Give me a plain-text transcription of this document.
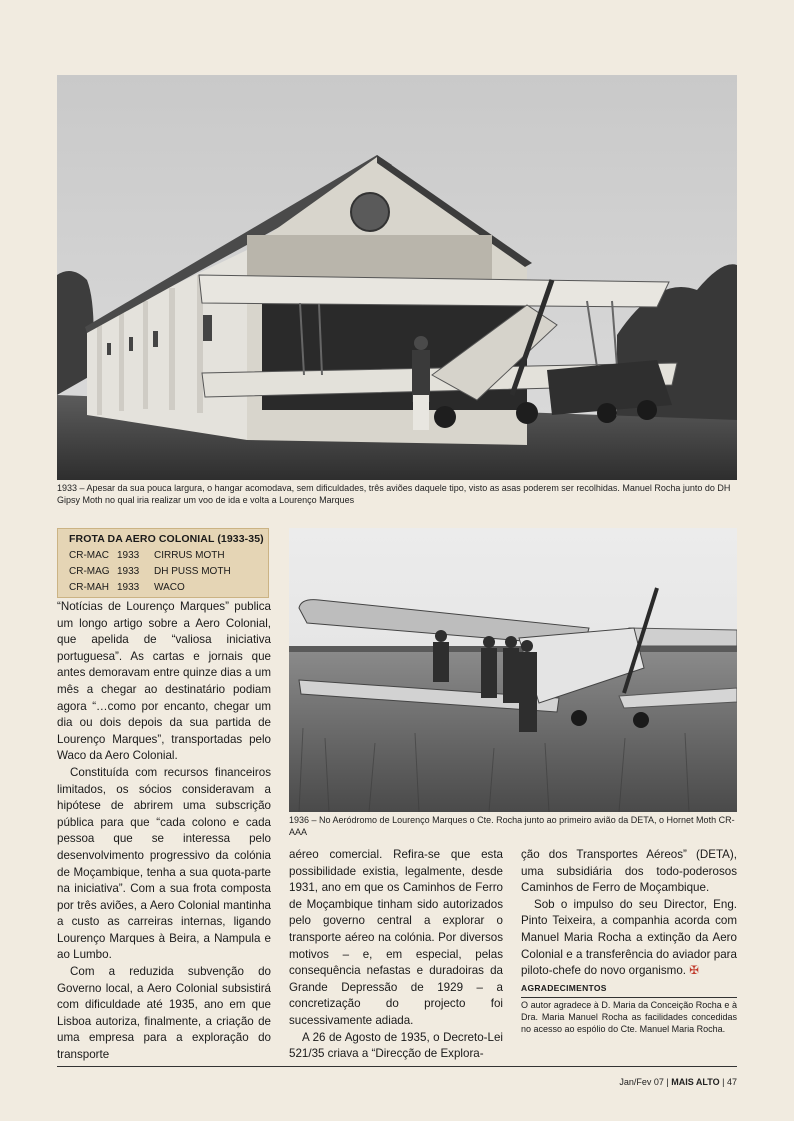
1933 – Apesar da sua pouca largura, o hangar acomodava, sem dificuldades, três aviões daquele tipo, visto as asas poderem ser recolhidas. Manuel Rocha junto do DH Gipsy Moth no qual iria realizar um voo de ida e volta a Lourenço Marques
FROTA DA AERO COLONIAL (1933-35)
CR-MAC 1933 CIRRUS MOTH
CR-MAG 1933 DH PUSS MOTH
CR-MAH 1933 WACO
1936 – No Aeródromo de Lourenço Marques o Cte. Rocha junto ao primeiro avião da DETA, o Hornet Moth CR-AAA

“Notícias de Lourenço Marques” publica um longo artigo sobre a Aero Colonial, que apelida de “valiosa iniciativa portuguesa”. As cartas e jornais que antes demoravam entre quinze dias a um mês a chegar ao destinatário podiam agora “…como por encanto, chegar um dia ou dois depois da sua partida de Lourenço Marques”, transportadas pelo Waco da Aero Colonial.

Constituída com recursos financeiros limitados, os sócios consideravam a hipótese de abrirem uma subscrição pública para que “cada colono e cada pessoa que se interessa pelo desenvolvimento progressivo da colónia de Moçambique, tenha a sua quota-parte na iniciativa”. Com a sua frota composta por três aviões, a Aero Colonial mantinha a custo as carreiras internas, ligando Lourenço Marques à Beira, a Nampula e ao Lumbo.

Com a reduzida subvenção do Governo local, a Aero Colonial subsistirá com dificuldade até 1935, ano em que Lisboa autoriza, finalmente, a criação de uma empresa para a exploração do transporte

aéreo comercial. Refira-se que esta possibilidade existia, legalmente, desde 1931, ano em que os Caminhos de Ferro de Moçambique tinham sido autorizados pelo governo central a explorar o transporte aéreo na colónia. Por diversos motivos – e, em especial, pelas consequência nefastas e duradoiras da Grande Depressão de 1929 – a concretização do projecto foi sucessivamente adiada.

A 26 de Agosto de 1935, o Decreto-Lei 521/35 criava a “Direcção de Explora-

ção dos Transportes Aéreos” (DETA), uma subsidiária dos todo-poderosos Caminhos de Ferro de Moçambique.

Sob o impulso do seu Director, Eng. Pinto Teixeira, a companhia acorda com Manuel Maria Rocha a extinção da Aero Colonial e a transferência do aviador para piloto-chefe do novo organismo. ✠

AGRADECIMENTOS
O autor agradece à D. Maria da Conceição Rocha e à Dra. Maria Manuel Rocha as facilidades concedidas no acesso ao espólio do Cte. Manuel Maria Rocha.
Jan/Fev 07 | MAIS ALTO | 47
